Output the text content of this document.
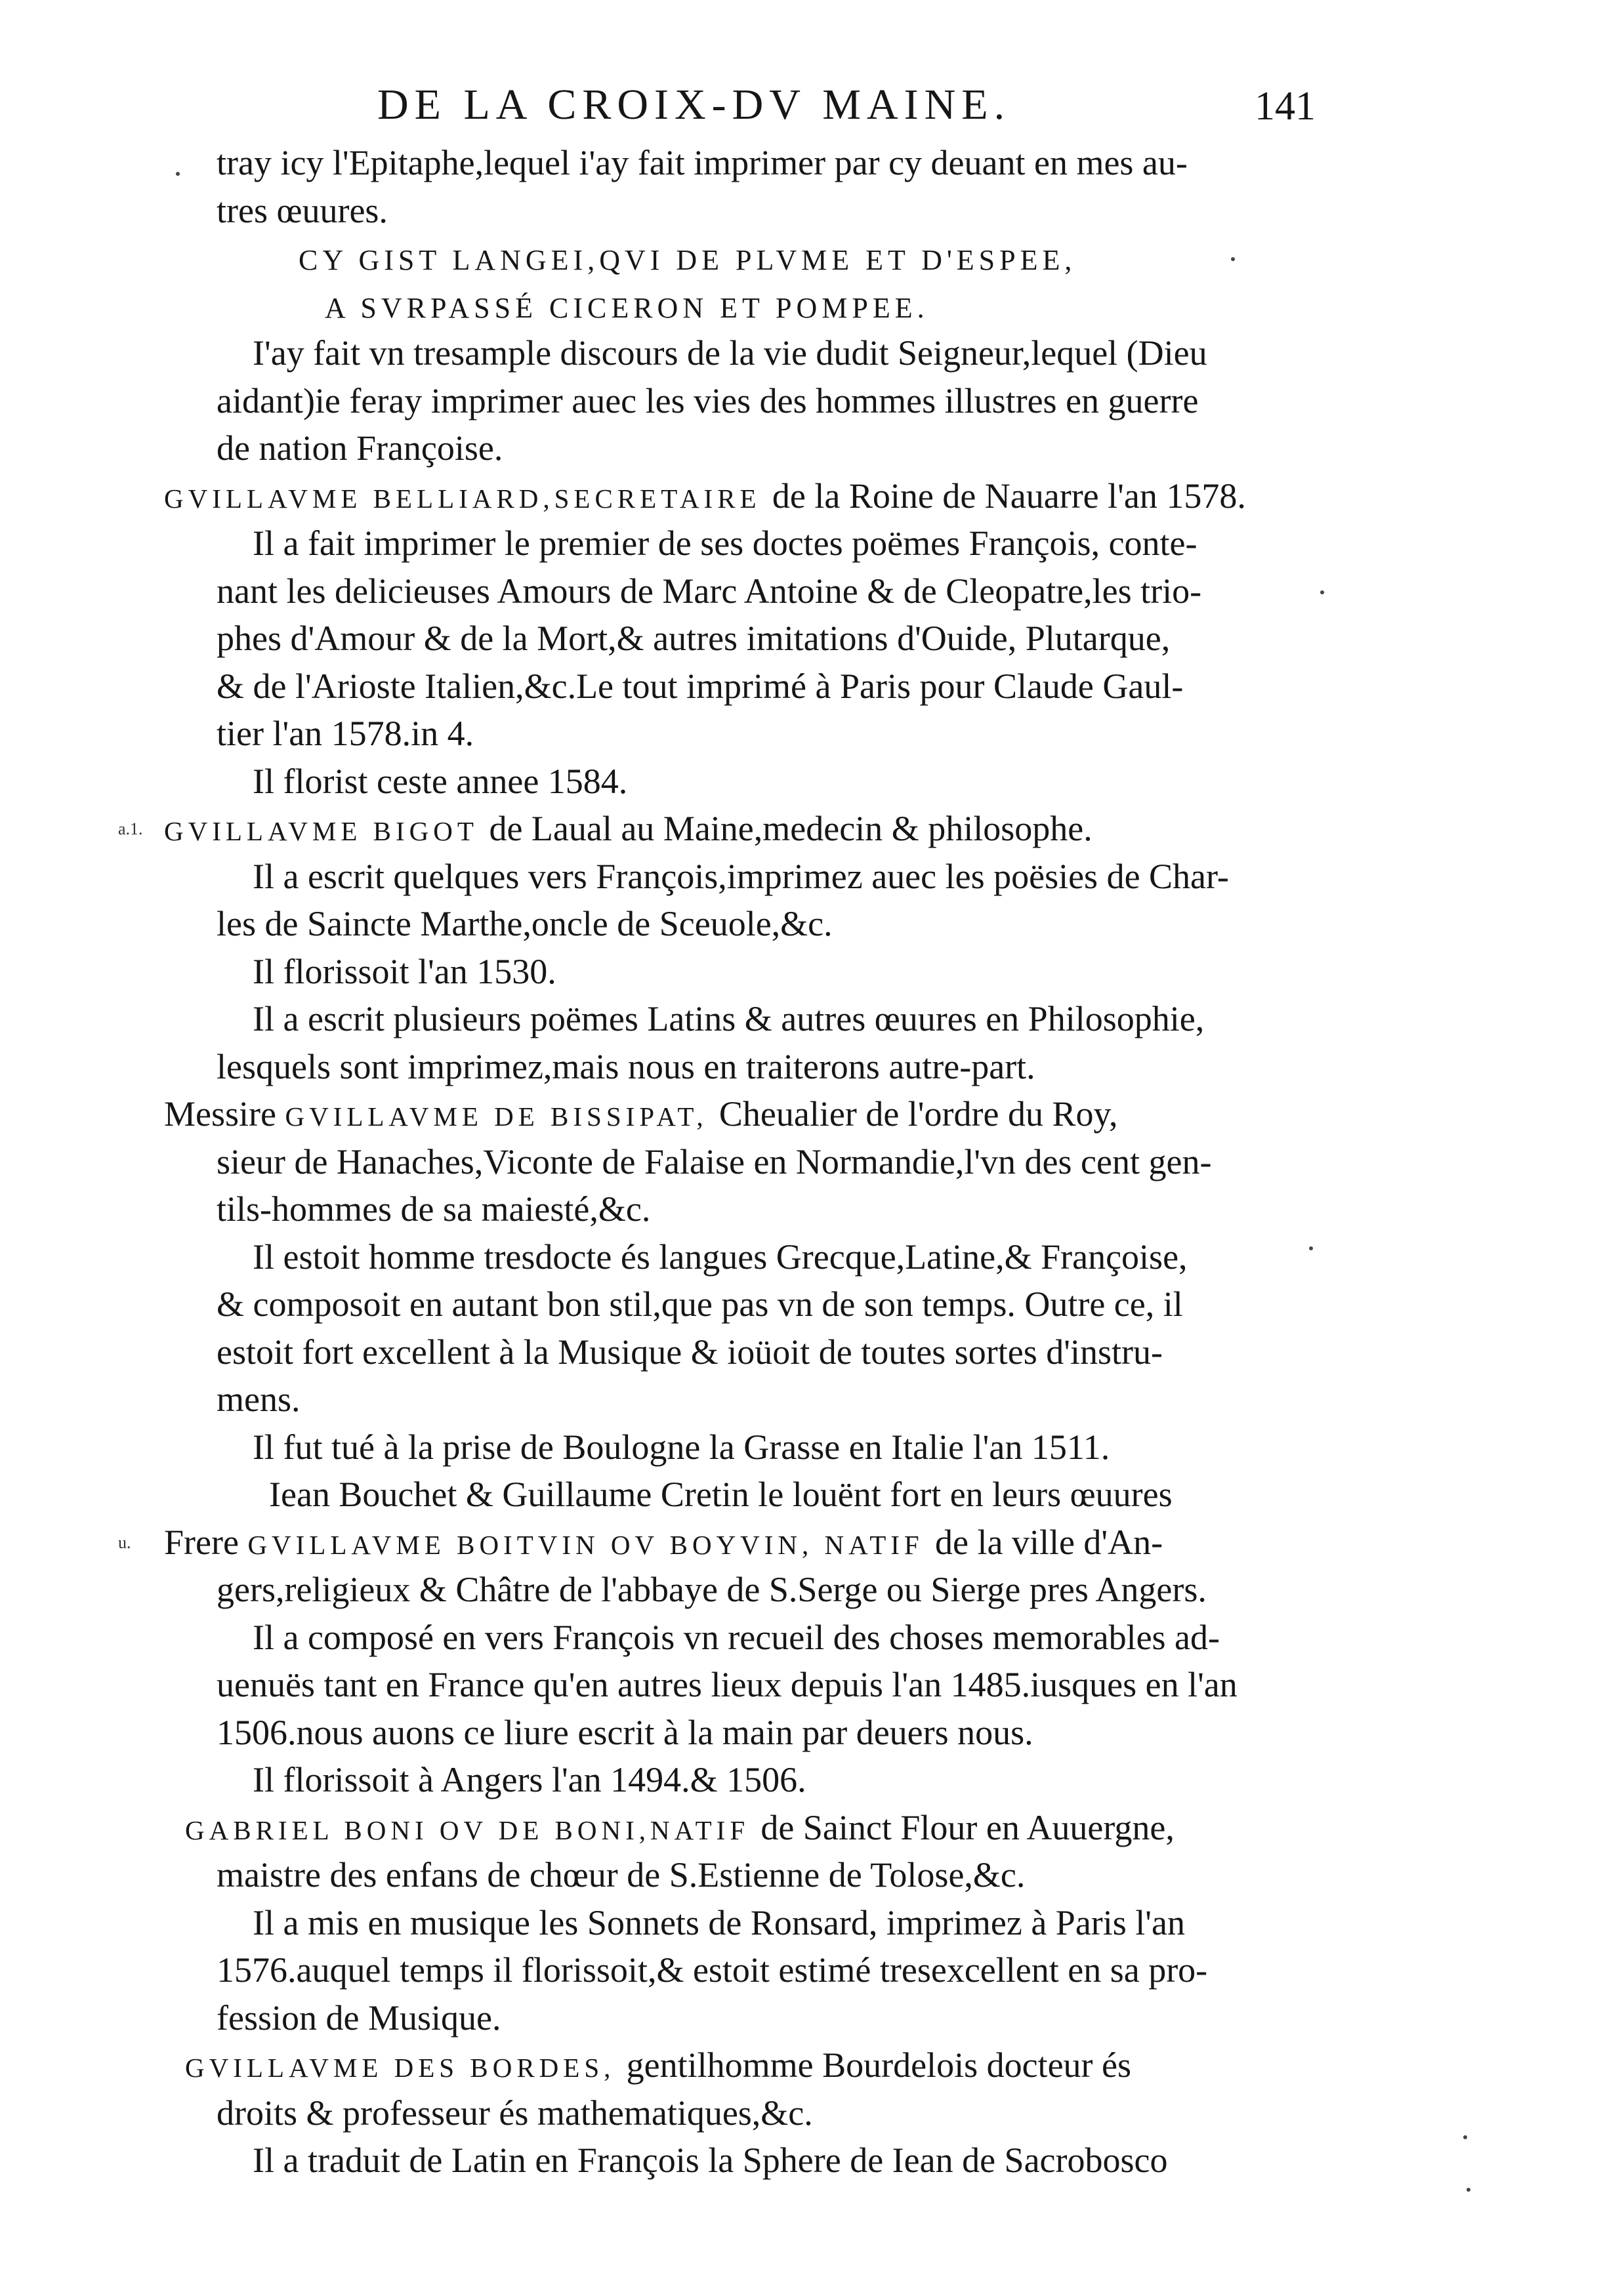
DE LA CROIX-DV MAINE.	141
tray icy l'Epitaphe,lequel i'ay fait imprimer par cy deuant en mes au-
tres œuures.
CY GIST LANGEI,QVI DE PLVME ET D'ESPEE,
A SVRPASSÉ CICERON ET POMPEE.
I'ay fait vn tresample discours de la vie dudit Seigneur,lequel (Dieu
aidant)ie feray imprimer auec les vies des hommes illustres en guerre
de nation Françoise.
GVILLAVME BELLIARD,SECRETAIRE de la Roine de Nauarre l'an 1578.
Il a fait imprimer le premier de ses doctes poëmes François, conte-
nant les delicieuses Amours de Marc Antoine & de Cleopatre,les trio-
phes d'Amour & de la Mort,& autres imitations d'Ouide, Plutarque,
& de l'Arioste Italien,&c.Le tout imprimé à Paris pour Claude Gaul-
tier l'an 1578.in 4.
Il florist ceste annee 1584.
GVILLAVME BIGOT de Laual au Maine,medecin & philosophe.
Il a escrit quelques vers François,imprimez auec les poësies de Char-
les de Saincte Marthe,oncle de Sceuole,&c.
Il florissoit l'an 1530.
Il a escrit plusieurs poëmes Latins & autres œuures en Philosophie,
lesquels sont imprimez,mais nous en traiterons autre-part.
Messire GVILLAVME DE BISSIPAT, Cheualier de l'ordre du Roy,
sieur de Hanaches,Viconte de Falaise en Normandie,l'vn des cent gen-
tils-hommes de sa maiesté,&c.
Il estoit homme tresdocte és langues Grecque,Latine,& Françoise,
& composoit en autant bon stil,que pas vn de son temps. Outre ce, il
estoit fort excellent à la Musique & ioüoit de toutes sortes d'instru-
mens.
Il fut tué à la prise de Boulogne la Grasse en Italie l'an 1511.
Iean Bouchet & Guillaume Cretin le louënt fort en leurs œuures
Frere GVILLAVME BOITVIN OV BOYVIN, NATIF de la ville d'An-
gers,religieux & Châtre de l'abbaye de S.Serge ou Sierge pres Angers.
Il a composé en vers François vn recueil des choses memorables ad-
uenuës tant en France qu'en autres lieux depuis l'an 1485.iusques en l'an
1506.nous auons ce liure escrit à la main par deuers nous.
Il florissoit à Angers l'an 1494.& 1506.
GABRIEL BONI OV DE BONI,NATIF de Sainct Flour en Auuergne,
maistre des enfans de chœur de S.Estienne de Tolose,&c.
Il a mis en musique les Sonnets de Ronsard, imprimez à Paris l'an
1576.auquel temps il florissoit,& estoit estimé tresexcellent en sa pro-
fession de Musique.
GVILLAVME DES BORDES, gentilhomme Bourdelois docteur és
droits & professeur és mathematiques,&c.
Il a traduit de Latin en François la Sphere de Iean de Sacrobosco
a.1.
u.
